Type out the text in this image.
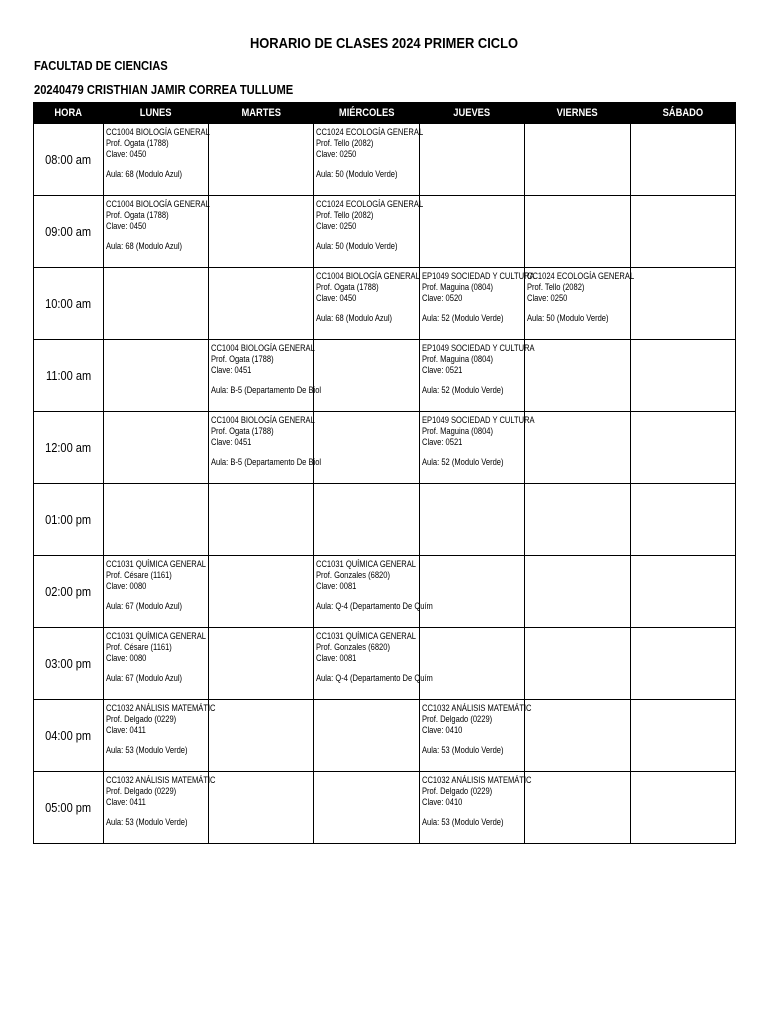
HORARIO DE CLASES 2024 PRIMER CICLO
FACULTAD DE CIENCIAS
20240479 CRISTHIAN JAMIR CORREA TULLUME
HORA	LUNES	MARTES	MIÉRCOLES	JUEVES	VIERNES	SÁBADO
08:00 am	CC1004 BIOLOGÍA GENERAL
Prof. Ogata (1788)
Clave: 0450
Aula: 68 (Modulo Azul)		CC1024 ECOLOGÍA GENERAL
Prof. Tello (2082)
Clave: 0250
Aula: 50 (Modulo Verde)			

09:00 am	CC1004 BIOLOGÍA GENERAL
Prof. Ogata (1788)
Clave: 0450
Aula: 68 (Modulo Azul)		CC1024 ECOLOGÍA GENERAL
Prof. Tello (2082)
Clave: 0250
Aula: 50 (Modulo Verde)			

10:00 am			CC1004 BIOLOGÍA GENERAL
Prof. Ogata (1788)
Clave: 0450
Aula: 68 (Modulo Azul)	EP1049 SOCIEDAD Y CULTURA
Prof. Maguina (0804)
Clave: 0520
Aula: 52 (Modulo Verde)	CC1024 ECOLOGÍA GENERAL
Prof. Tello (2082)
Clave: 0250
Aula: 50 (Modulo Verde)	

11:00 am		CC1004 BIOLOGÍA GENERAL
Prof. Ogata (1788)
Clave: 0451
Aula: B-5 (Departamento De Biol		EP1049 SOCIEDAD Y CULTURA
Prof. Maguina (0804)
Clave: 0521
Aula: 52 (Modulo Verde)		

12:00 am		CC1004 BIOLOGÍA GENERAL
Prof. Ogata (1788)
Clave: 0451
Aula: B-5 (Departamento De Biol		EP1049 SOCIEDAD Y CULTURA
Prof. Maguina (0804)
Clave: 0521
Aula: 52 (Modulo Verde)		

01:00 pm						
02:00 pm	CC1031 QUÍMICA GENERAL
Prof. Césare (1161)
Clave: 0080
Aula: 67 (Modulo Azul)		CC1031 QUÍMICA GENERAL
Prof. Gonzales (6820)
Clave: 0081
Aula: Q-4 (Departamento De Quím			

03:00 pm	CC1031 QUÍMICA GENERAL
Prof. Césare (1161)
Clave: 0080
Aula: 67 (Modulo Azul)		CC1031 QUÍMICA GENERAL
Prof. Gonzales (6820)
Clave: 0081
Aula: Q-4 (Departamento De Quím			

04:00 pm	CC1032 ANÁLISIS MATEMÁTIC
Prof. Delgado (0229)
Clave: 0411
Aula: 53 (Modulo Verde)			CC1032 ANÁLISIS MATEMÁTIC
Prof. Delgado (0229)
Clave: 0410
Aula: 53 (Modulo Verde)		

05:00 pm	CC1032 ANÁLISIS MATEMÁTIC
Prof. Delgado (0229)
Clave: 0411
Aula: 53 (Modulo Verde)			CC1032 ANÁLISIS MATEMÁTIC
Prof. Delgado (0229)
Clave: 0410
Aula: 53 (Modulo Verde)		
